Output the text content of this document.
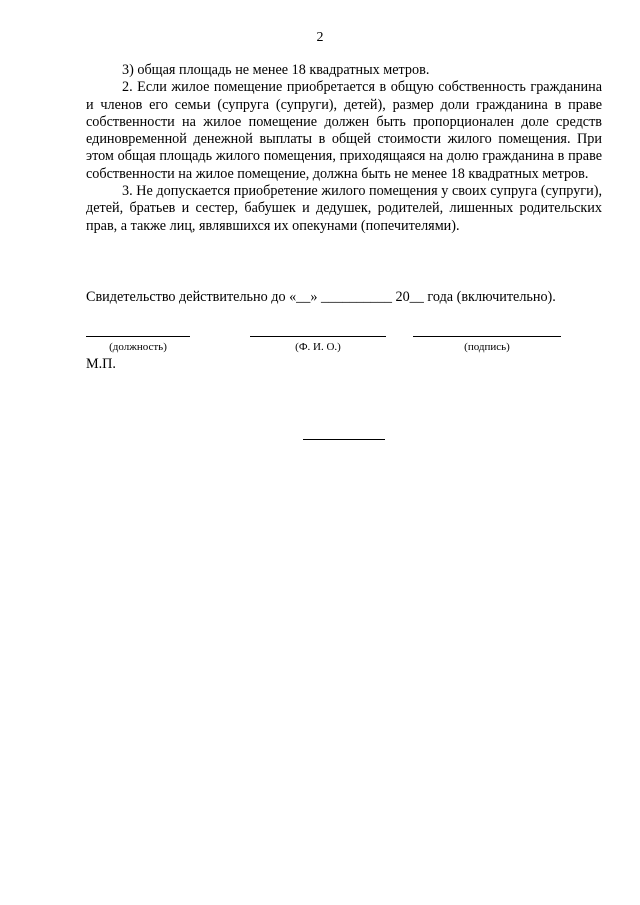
2

3) общая площадь не менее 18 квадратных метров.

2. Если жилое помещение приобретается в общую собственность гражданина и членов его семьи (супруга (супруги), детей), размер доли гражданина в праве собственности на жилое помещение должен быть пропорционален доле средств единовременной денежной выплаты в общей стоимости жилого помещения. При этом общая площадь жилого помещения, приходящаяся на долю гражданина в праве собственности на жилое помещение, должна быть не менее 18 квадратных метров.

3. Не допускается приобретение жилого помещения у своих супруга (супруги), детей, братьев и сестер, бабушек и дедушек, родителей, лишенных родительских прав, а также лиц, являвшихся их опекунами (попечителями).

Свидетельство действительно до «__» __________ 20__ года (включительно).
(должность)	(Ф. И. О.)	(подпись)
М.П.
